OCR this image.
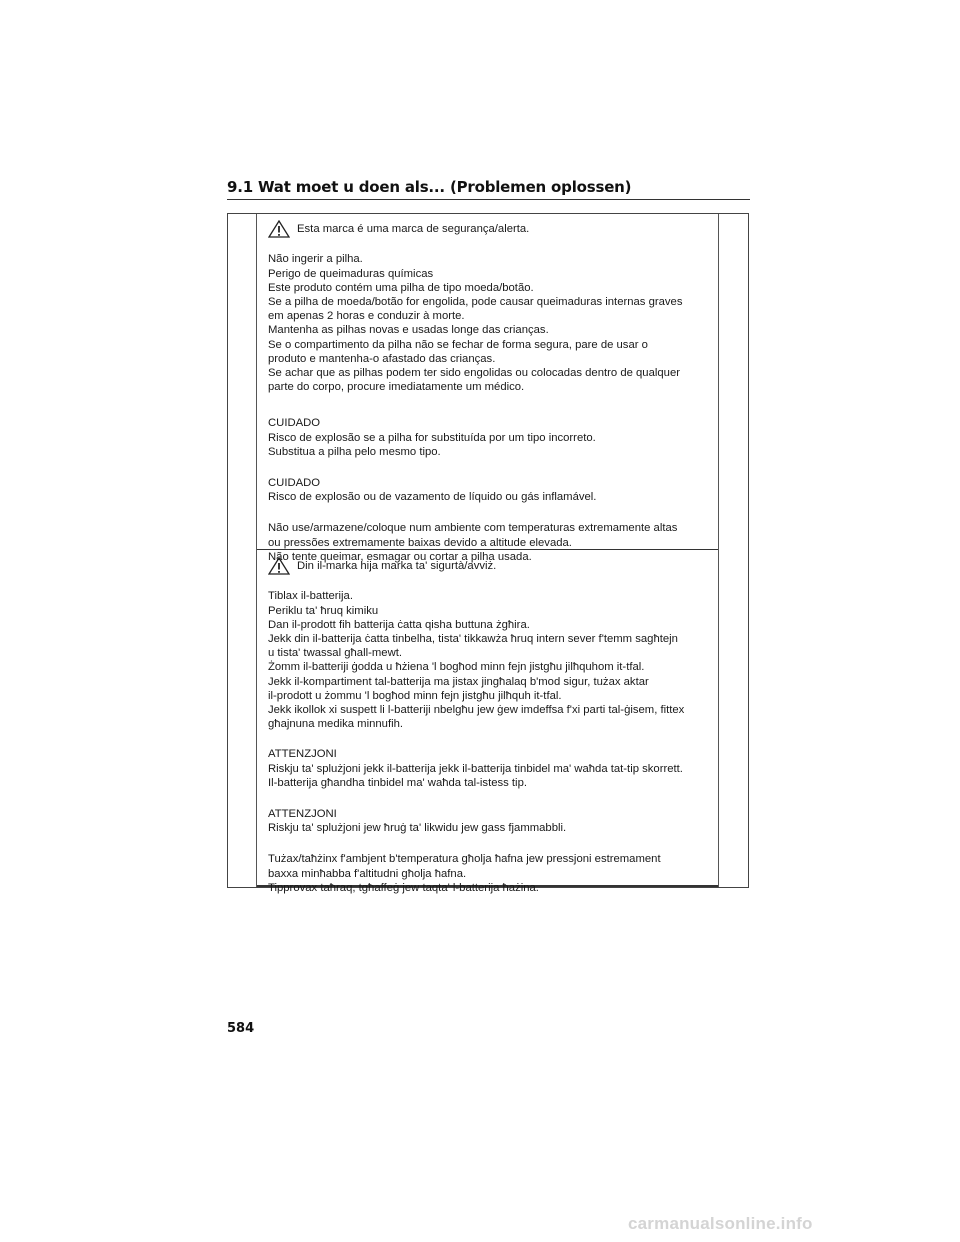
9.1 Wat moet u doen als... (Problemen oplossen)
Esta marca é uma marca de segurança/alerta.

Não ingerir a pilha.

Perigo de queimaduras químicas

Este produto contém uma pilha de tipo moeda/botão.

Se a pilha de moeda/botão for engolida, pode causar queimaduras internas graves

em apenas 2 horas e conduzir à morte.

Mantenha as pilhas novas e usadas longe das crianças.

Se o compartimento da pilha não se fechar de forma segura, pare de usar o

produto e mantenha-o afastado das crianças.

Se achar que as pilhas podem ter sido engolidas ou colocadas dentro de qualquer

parte do corpo, procure imediatamente um médico.

CUIDADO

Risco de explosão se a pilha for substituída por um tipo incorreto.

Substitua a pilha pelo mesmo tipo.

CUIDADO

Risco de explosão ou de vazamento de líquido ou gás inflamável.

Não use/armazene/coloque num ambiente com temperaturas extremamente altas

ou pressões extremamente baixas devido a altitude elevada.

Não tente queimar, esmagar ou cortar a pilha usada.

Din il-marka hija marka ta' sigurtà/avviż.

Tiblax il-batterija.

Periklu ta' ħruq kimiku

Dan il-prodott fih batterija ċatta qisha buttuna żgħira.

Jekk din il-batterija ċatta tinbelha, tista' tikkawża ħruq intern sever f'temm sagħtejn

u tista' twassal għall-mewt.

Żomm il-batteriji ġodda u ħżiena 'l bogħod minn fejn jistgħu jilħquhom it-tfal.

Jekk il-kompartiment tal-batterija ma jistax jingħalaq b'mod sigur, tużax aktar

il-prodott u żommu 'l bogħod minn fejn jistgħu jilħquh it-tfal.

Jekk ikollok xi suspett li l-batteriji nbelgħu jew ġew imdeffsa f'xi parti tal-ġisem, fittex

għajnuna medika minnufih.

ATTENZJONI

Riskju ta' splużjoni jekk il-batterija jekk il-batterija tinbidel ma' waħda tat-tip skorrett.

Il-batterija għandha tinbidel ma' waħda tal-istess tip.

ATTENZJONI

Riskju ta' splużjoni jew ħruġ ta' likwidu jew gass fjammabbli.

Tużax/taħżinx f'ambjent b'temperatura għolja ħafna jew pressjoni estremament

baxxa minħabba f'altitudni għolja ħafna.

Tipprovax taħraq, tgħaffeġ jew taqta' l-batterija ħażina.

584
carmanualsonline.info
